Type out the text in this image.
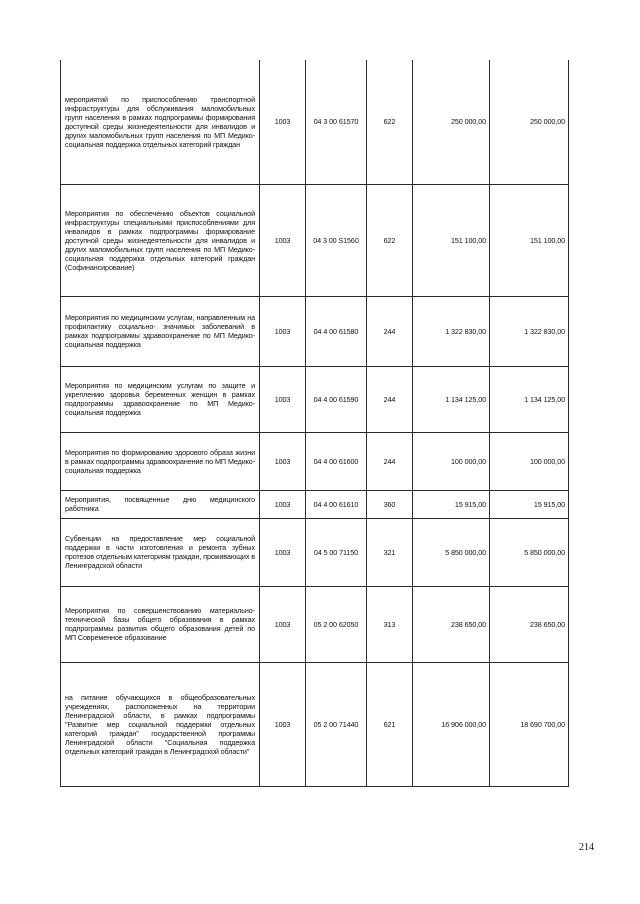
мероприятий по приспособлению транспортной инфраструктуры для обслуживания маломобильных групп населения в рамках подпрограммы формирования доступной среды жизнедеятельности для инвалидов и других маломобильных групп населения по МП Медико-социальная поддержка отдельных категорий граждан	1003	04 3 00 61570	622	250 000,00	250 000,00
Мероприятия по обеспечению объектов социальной инфраструктуры специальными приспособлениями для инвалидов в рамках подпрограммы формирование доступной среды жизнедеятельности для инвалидов и других маломобильных групп населения по МП Медико-социальная поддержка отдельных категорий граждан (Софинансирование)	1003	04 3 00 S1560	622	151 100,00	151 100,00
Мероприятия по медицинским услугам, направленным на профилактику социально- значимых заболеваний в рамках подпрограммы здравоохранение по МП Медико-социальная поддержка	1003	04 4 00 61580	244	1 322 830,00	1 322 830,00
Мероприятия по медицинским услугам по защите и укреплению здоровья беременных женщин в рамках подпрограммы здравоохранение по МП Медико-социальная поддержка	1003	04 4 00 61590	244	1 134 125,00	1 134 125,00
Мероприятия по формированию здорового образа жизни в рамках подпрограммы здравоохранение по МП Медико-социальная поддержка	1003	04 4 00 61600	244	100 000,00	100 000,00
Мероприятия, посвященные дню медицинского работника	1003	04 4 00 61610	360	15 915,00	15 915,00
Субвенции на предоставление мер социальной поддержки в части изготовления и ремонта зубных протезов отдельным категориям граждан, проживающих в Ленинградской области	1003	04 5 00 71150	321	5 850 000,00	5 850 000,00
Мероприятия по совершенствованию материально-технической базы общего образования в рамках подпрограммы развития общего образования детей по МП Современное образование	1003	05 2 00 62050	313	238 650,00	238 650,00
на питание обучающихся в общеобразовательных учреждениях, расположенных на территории Ленинградской области, в рамках подпрограммы "Развитие мер социальной поддержки отдельных категорий граждан" государственной программы Ленинградской области "Социальная поддержка отдельных категорий граждан в Ленинградской области"	1003	05 2 00 71440	621	16 906 000,00	18 690 700,00
214
